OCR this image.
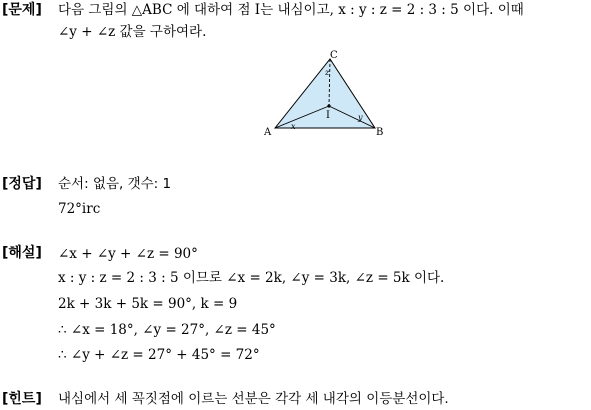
[문제] 다음 그림의 △ABC 에 대하여 점 I는 내심이고, x : y : z = 2 : 3 : 5 이다. 이때
∠y + ∠z 값을 구하여라.
A	B
C
I
x
y
z
[정답] 순서: 없음, 갯수: 1
72°irc
[해설] ∠x + ∠y + ∠z = 90°
x : y : z = 2 : 3 : 5 이므로 ∠x = 2k, ∠y = 3k, ∠z = 5k 이다.
2k + 3k + 5k = 90°, k = 9
∴ ∠x = 18°, ∠y = 27°, ∠z = 45°
∴ ∠y + ∠z = 27° + 45° = 72°
[힌트] 내심에서 세 꼭짓점에 이르는 선분은 각각 세 내각의 이등분선이다.
